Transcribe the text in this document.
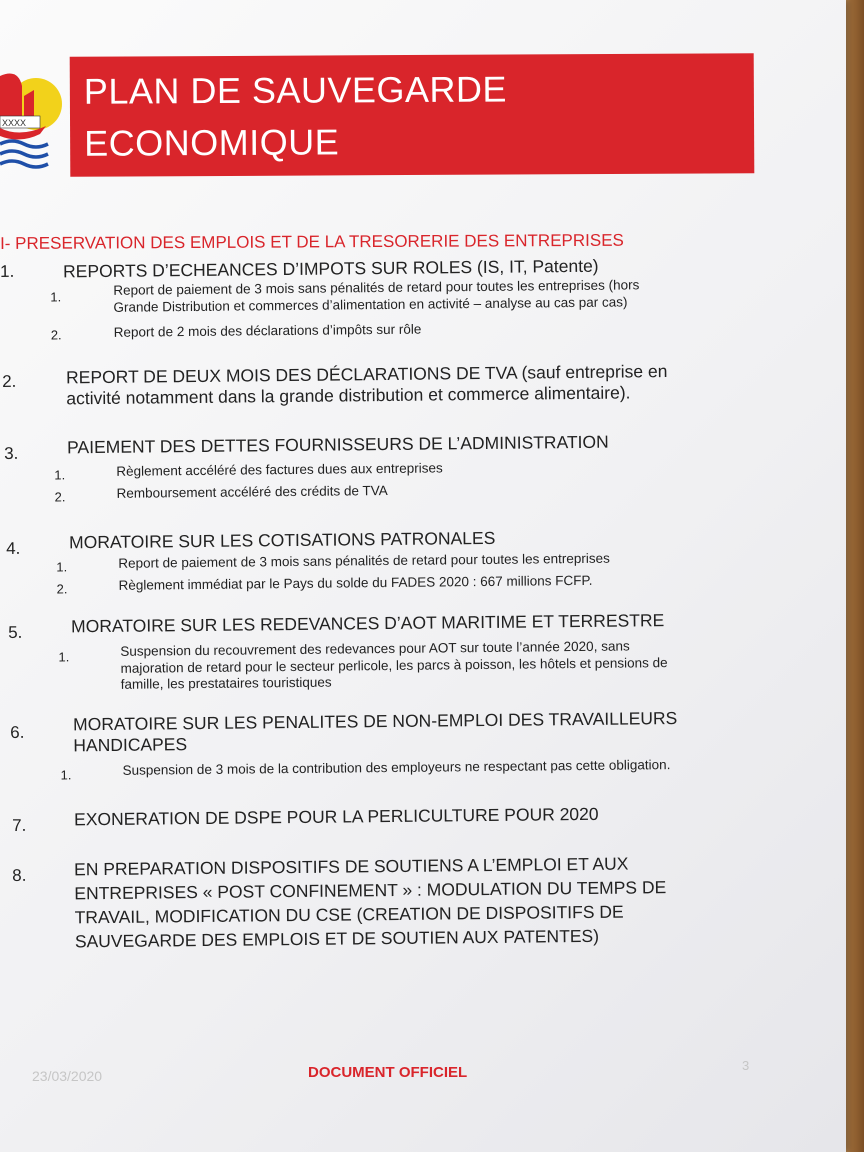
XXXX
PLAN DE SAUVEGARDE
ECONOMIQUE
I- PRESERVATION DES EMPLOIS ET DE LA TRESORERIE DES ENTREPRISES
1.	REPORTS D’ECHEANCES D’IMPOTS SUR ROLES (IS, IT, Patente)
1.	Report de paiement de 3 mois sans pénalités de retard pour toutes les entreprises (hors
Grande Distribution et commerces d’alimentation en activité – analyse au cas par cas)
2.	Report de 2 mois des déclarations d’impôts sur rôle
2.	REPORT DE DEUX MOIS DES DÉCLARATIONS DE TVA (sauf entreprise en
activité notamment dans la grande distribution et commerce alimentaire).
3.	PAIEMENT DES DETTES FOURNISSEURS DE L’ADMINISTRATION
1.	Règlement accéléré des factures dues aux entreprises
2.	Remboursement accéléré des crédits de TVA
4.	MORATOIRE SUR LES COTISATIONS PATRONALES
1.	Report de paiement de 3 mois sans pénalités de retard pour toutes les entreprises
2.	Règlement immédiat par le Pays du solde du FADES 2020 : 667 millions FCFP.
5.	MORATOIRE SUR LES REDEVANCES D’AOT MARITIME ET TERRESTRE
1.	Suspension du recouvrement des redevances pour AOT sur toute l’année 2020, sans
majoration de retard pour le secteur perlicole, les parcs à poisson, les hôtels et pensions de
famille, les prestataires touristiques
6.	MORATOIRE SUR LES PENALITES DE NON-EMPLOI DES TRAVAILLEURS
HANDICAPES
1.	Suspension de 3 mois de la contribution des employeurs ne respectant pas cette obligation.
7.	EXONERATION DE DSPE POUR LA PERLICULTURE POUR 2020
8.	EN PREPARATION DISPOSITIFS DE SOUTIENS A L’EMPLOI ET AUX
ENTREPRISES « POST CONFINEMENT » : MODULATION DU TEMPS DE
TRAVAIL, MODIFICATION DU CSE (CREATION DE DISPOSITIFS DE
SAUVEGARDE DES EMPLOIS ET DE SOUTIEN AUX PATENTES)
23/03/2020	DOCUMENT OFFICIEL	3
